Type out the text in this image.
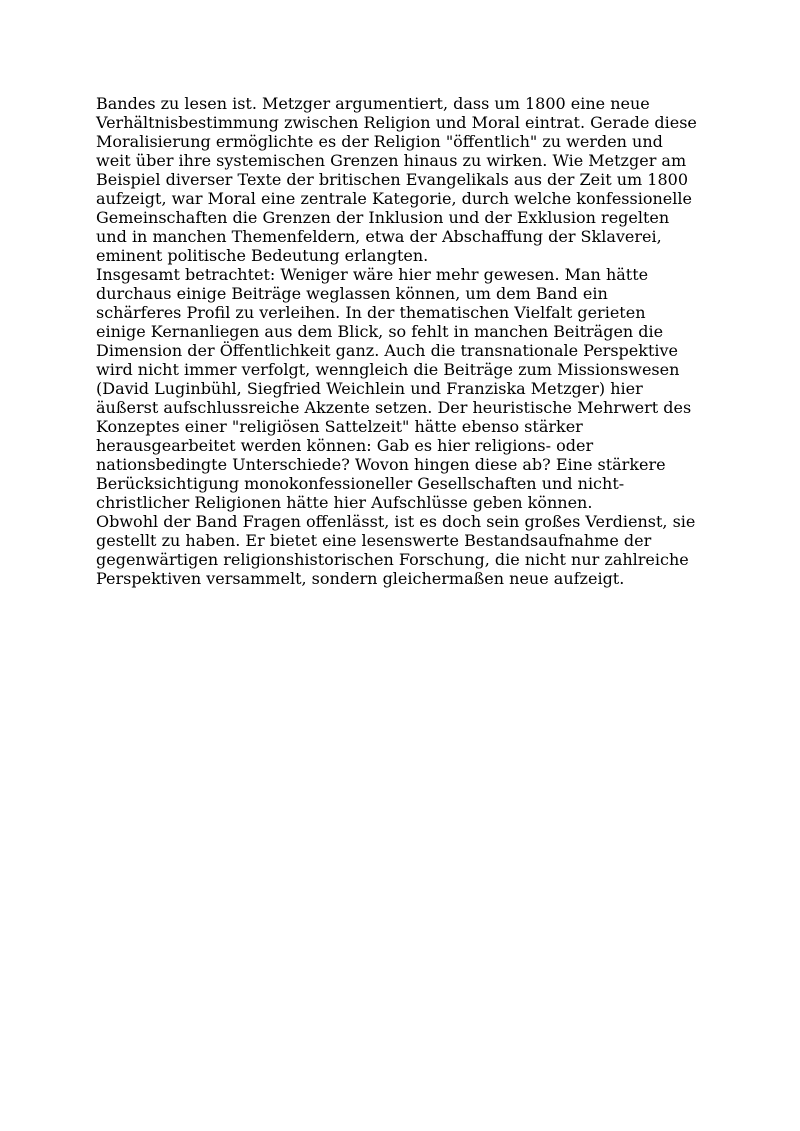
Bandes zu lesen ist. Metzger argumentiert, dass um 1800 eine neue
Verhältnisbestimmung zwischen Religion und Moral eintrat. Gerade diese
Moralisierung ermöglichte es der Religion "öffentlich" zu werden und
weit über ihre systemischen Grenzen hinaus zu wirken. Wie Metzger am
Beispiel diverser Texte der britischen Evangelikals aus der Zeit um 1800
aufzeigt, war Moral eine zentrale Kategorie, durch welche konfessionelle
Gemeinschaften die Grenzen der Inklusion und der Exklusion regelten
und in manchen Themenfeldern, etwa der Abschaffung der Sklaverei,
eminent politische Bedeutung erlangten.

Insgesamt betrachtet: Weniger wäre hier mehr gewesen. Man hätte
durchaus einige Beiträge weglassen können, um dem Band ein
schärferes Profil zu verleihen. In der thematischen Vielfalt gerieten
einige Kernanliegen aus dem Blick, so fehlt in manchen Beiträgen die
Dimension der Öffentlichkeit ganz. Auch die transnationale Perspektive
wird nicht immer verfolgt, wenngleich die Beiträge zum Missionswesen
(David Luginbühl, Siegfried Weichlein und Franziska Metzger) hier
äußerst aufschlussreiche Akzente setzen. Der heuristische Mehrwert des
Konzeptes einer "religiösen Sattelzeit" hätte ebenso stärker
herausgearbeitet werden können: Gab es hier religions- oder
nationsbedingte Unterschiede? Wovon hingen diese ab? Eine stärkere
Berücksichtigung monokonfessioneller Gesellschaften und nicht-
christlicher Religionen hätte hier Aufschlüsse geben können.

Obwohl der Band Fragen offenlässt, ist es doch sein großes Verdienst, sie
gestellt zu haben. Er bietet eine lesenswerte Bestandsaufnahme der
gegenwärtigen religionshistorischen Forschung, die nicht nur zahlreiche
Perspektiven versammelt, sondern gleichermaßen neue aufzeigt.
